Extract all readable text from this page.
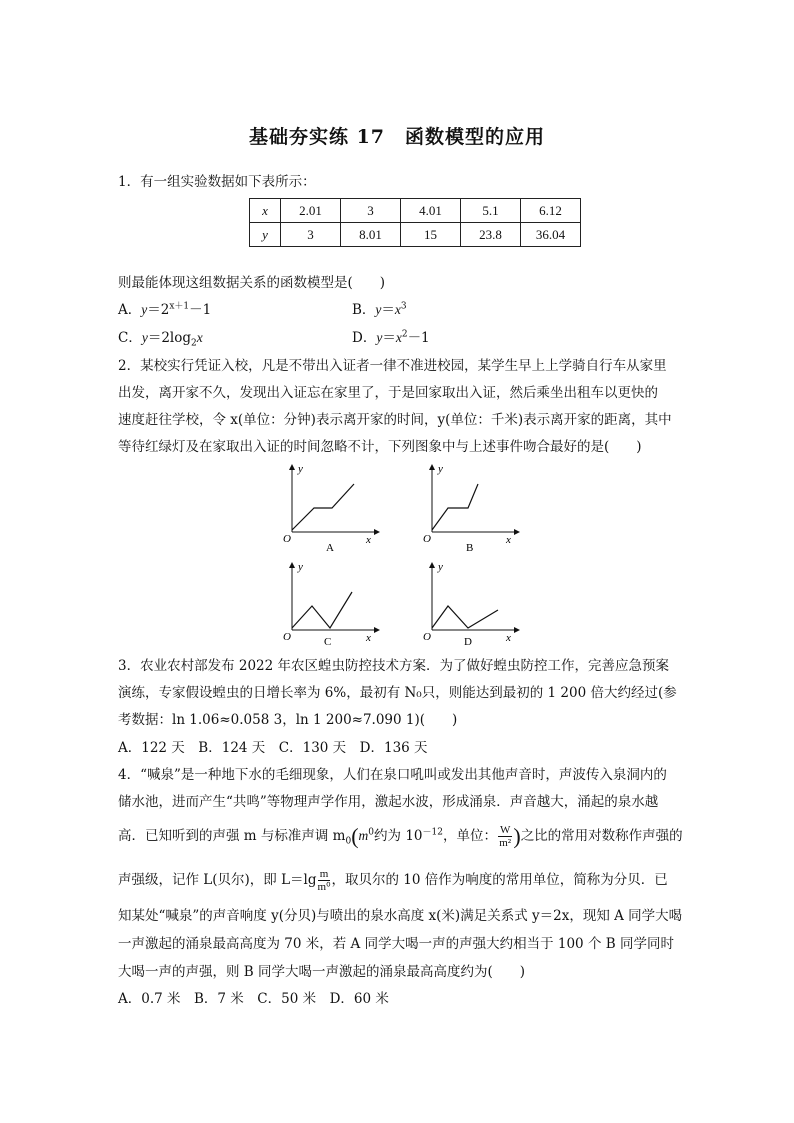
基础夯实练 17　函数模型的应用
1．有一组实验数据如下表所示：
x	2.01	3	4.01	5.1	6.12
y	3	8.01	15	23.8	36.04
则最能体现这组数据关系的函数模型是(　　)
A．$y=2^{x+1}-1$	B．$y=x^3$
C．$y=2\log_2x$	D．$y=x^2-1$
2．某校实行凭证入校，凡是不带出入证者一律不准进校园，某学生早上上学骑自行车从家里
出发，离开家不久，发现出入证忘在家里了，于是回家取出入证，然后乘坐出租车以更快的
速度赶往学校，令 x(单位：分钟)表示离开家的时间，y(单位：千米)表示离开家的距离，其中
等待红绿灯及在家取出入证的时间忽略不计，下列图象中与上述事件吻合最好的是(　　)
y
O	x
A
y
O	x
B
y
O	x
C
y
O	x
D
3．农业农村部发布 2022 年农区蝗虫防控技术方案．为了做好蝗虫防控工作，完善应急预案
演练，专家假设蝗虫的日增长率为 6%，最初有 N₀只，则能达到最初的 1 200 倍大约经过(参
考数据：ln 1.06≈0.058 3，ln 1 200≈7.090 1)(　　)
A．122 天　B．124 天　C．130 天　D．136 天
4．“喊泉”是一种地下水的毛细现象，人们在泉口吼叫或发出其他声音时，声波传入泉洞内的
储水池，进而产生“共鸣”等物理声学作用，激起水波，形成涌泉．声音越大，涌起的泉水越
高．已知听到的声强 m 与标准声调 $m_0(m^0$约为 $10^{-12}$，单位： $\frac{W}{\text{m²}}$ )之比的常用对数称作声强的
声强级，记作 L(贝尔)，即 $L=\lg \frac{m}{\text{m⁰}}$ ，取贝尔的 10 倍作为响度的常用单位，简称为分贝．已
知某处“喊泉”的声音响度 y(分贝)与喷出的泉水高度 x(米)满足关系式 y＝2x，现知 A 同学大喝
一声激起的涌泉最高高度为 70 米，若 A 同学大喝一声的声强大约相当于 100 个 B 同学同时
大喝一声的声强，则 B 同学大喝一声激起的涌泉最高高度约为(　　)
A．0.7 米　B．7 米　C．50 米　D．60 米
